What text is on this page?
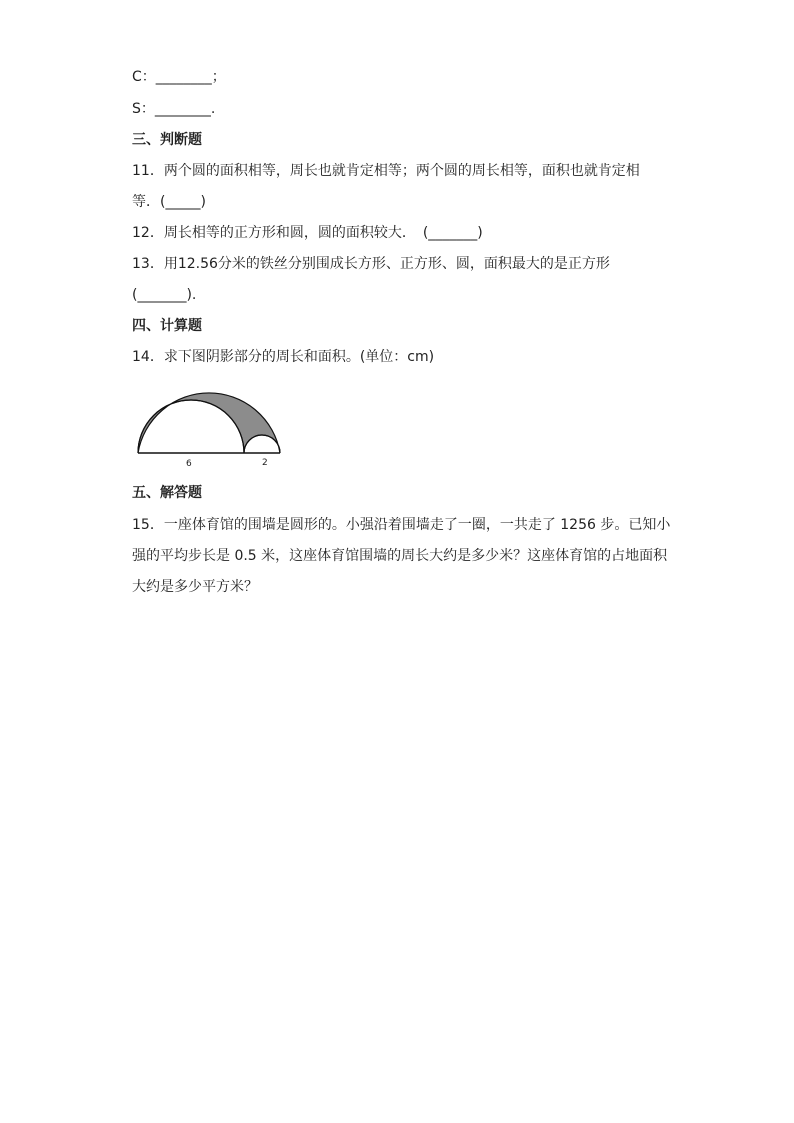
C：________；
S：________.
三、判断题
11．两个圆的面积相等，周长也就肯定相等；两个圆的周长相等，面积也就肯定相
等．(_____)
12．周长相等的正方形和圆，圆的面积较大．　(_______)
13．用12.56分米的铁丝分别围成长方形、正方形、圆，面积最大的是正方形
(_______).
四、计算题
14．求下图阴影部分的周长和面积。(单位：cm)
6	2
五、解答题
15．一座体育馆的围墙是圆形的。小强沿着围墙走了一圈，一共走了 1256 步。已知小
强的平均步长是 0.5 米，这座体育馆围墙的周长大约是多少米？这座体育馆的占地面积
大约是多少平方米？
